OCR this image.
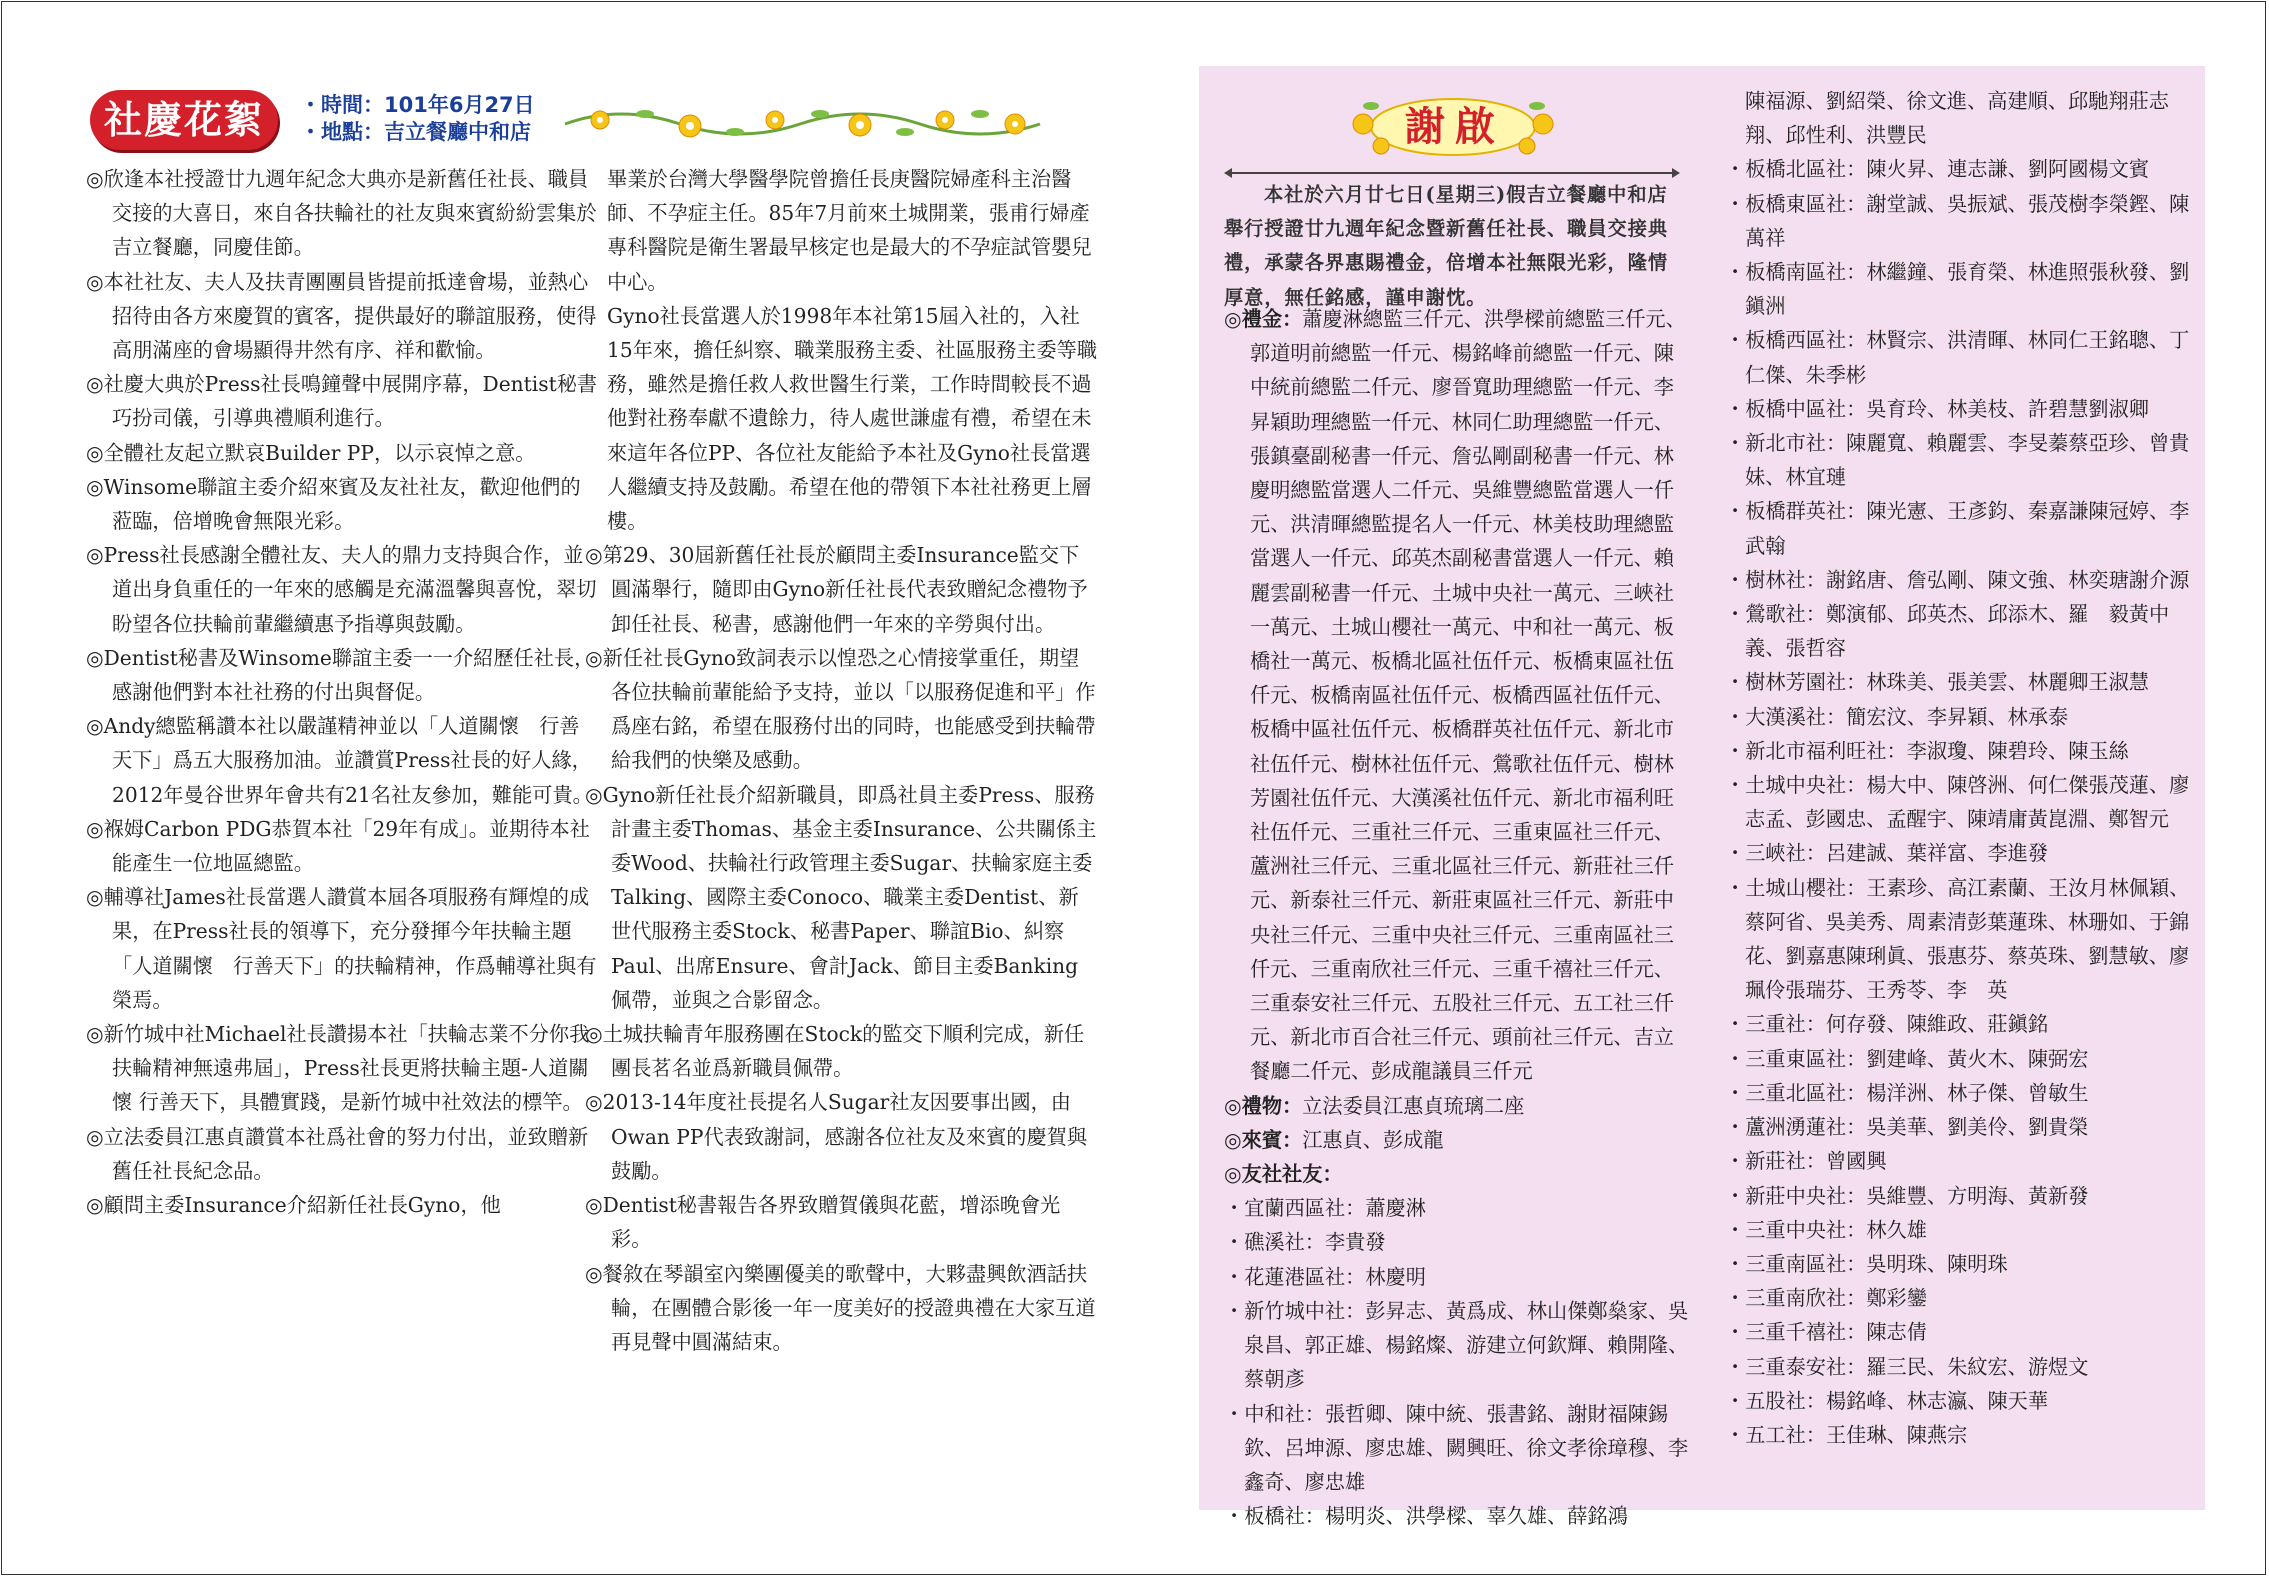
社慶花絮
・	時間：101年6月27日
・ 地點：吉立餐廳中和店
◎ 欣逢本社授證廿九週年紀念大典亦是新舊任社長、職員交接的大喜日，來自各扶輪社的社友與來賓紛紛雲集於吉立餐廳，同慶佳節。
◎ 本社社友、夫人及扶青團團員皆提前抵達會場，並熱心招待由各方來慶賀的賓客，提供最好的聯誼服務，使得高朋滿座的會場顯得井然有序、祥和歡愉。
◎ 社慶大典於Press社長鳴鐘聲中展開序幕，Dentist秘書巧扮司儀，引導典禮順利進行。
◎ 全體社友起立默哀Builder PP，以示哀悼之意。
◎ Winsome聯誼主委介紹來賓及友社社友，歡迎他們的蒞臨，倍增晚會無限光彩。
◎ Press社長感謝全體社友、夫人的鼎力支持與合作，並道出身負重任的一年來的感觸是充滿溫馨與喜悅，翠切盼望各位扶輪前輩繼續惠予指導與鼓勵。
◎ Dentist秘書及Winsome聯誼主委一一介紹歷任社長，感謝他們對本社社務的付出與督促。
◎ Andy總監稱讚本社以嚴謹精神並以「人道關懷　行善天下」爲五大服務加油。並讚賞Press社長的好人緣，2012年曼谷世界年會共有21名社友參加，難能可貴。
◎ 褓姆Carbon PDG恭賀本社「29年有成」。並期待本社能產生一位地區總監。
◎ 輔導社James社長當選人讚賞本屆各項服務有輝煌的成果，在Press社長的領導下，充分發揮今年扶輪主題「人道關懷　行善天下」的扶輪精神，作爲輔導社與有榮焉。
◎ 新竹城中社Michael社長讚揚本社「扶輪志業不分你我 扶輪精神無遠弗屆」，Press社長更將扶輪主題-人道關懷 行善天下，具體實踐，是新竹城中社效法的標竿。
◎ 立法委員江惠貞讚賞本社爲社會的努力付出，並致贈新舊任社長紀念品。
◎ 顧問主委Insurance介紹新任社長Gyno，他
畢業於台灣大學醫學院曾擔任長庚醫院婦產科主治醫師、不孕症主任。85年7月前來土城開業，張甫行婦產專科醫院是衛生署最早核定也是最大的不孕症試管嬰兒中心。
Gyno社長當選人於1998年本社第15屆入社的，入社15年來，擔任糾察、職業服務主委、社區服務主委等職務，雖然是擔任救人救世醫生行業，工作時間較長不過他對社務奉獻不遺餘力，待人處世謙虛有禮，希望在未來這年各位PP、各位社友能給予本社及Gyno社長當選人繼續支持及鼓勵。希望在他的帶領下本社社務更上層樓。
◎ 第29、30屆新舊任社長於顧問主委Insurance監交下圓滿舉行，隨即由Gyno新任社長代表致贈紀念禮物予卸任社長、秘書，感謝他們一年來的辛勞與付出。
◎ 新任社長Gyno致詞表示以惶恐之心情接掌重任，期望各位扶輪前輩能給予支持，並以「以服務促進和平」作爲座右銘，希望在服務付出的同時，也能感受到扶輪帶給我們的快樂及感動。
◎ Gyno新任社長介紹新職員，即爲社員主委Press、服務計畫主委Thomas、基金主委Insurance、公共關係主委Wood、扶輪社行政管理主委Sugar、扶輪家庭主委Talking、國際主委Conoco、職業主委Dentist、新世代服務主委Stock、秘書Paper、聯誼Bio、糾察Paul、出席Ensure、會計Jack、節目主委Banking佩帶，並與之合影留念。
◎ 土城扶輪青年服務團在Stock的監交下順利完成，新任團長茗名並爲新職員佩帶。
◎ 2013-14年度社長提名人Sugar社友因要事出國，由Owan PP代表致謝詞，感謝各位社友及來賓的慶賀與鼓勵。
◎ Dentist秘書報告各界致贈賀儀與花藍，增添晚會光彩。
◎ 餐敘在琴韻室內樂團優美的歌聲中，大夥盡興飲酒話扶輪，在團體合影後一年一度美好的授證典禮在大家互道再見聲中圓滿結束。
謝啟
本社於六月廿七日(星期三)假吉立餐廳中和店舉行授證廿九週年紀念暨新舊任社長、職員交接典禮，承蒙各界惠賜禮金，倍增本社無限光彩，隆情厚意，無任銘感，謹申謝忱。
◎ 禮金：蕭慶淋總監三仟元、洪學樑前總監三仟元、郭道明前總監一仟元、楊銘峰前總監一仟元、陳中統前總監二仟元、廖晉寬助理總監一仟元、李昇穎助理總監一仟元、林同仁助理總監一仟元、張鎮臺副秘書一仟元、詹弘剛副秘書一仟元、林慶明總監當選人二仟元、吳維豐總監當選人一仟元、洪清暉總監提名人一仟元、林美枝助理總監當選人一仟元、邱英杰副秘書當選人一仟元、賴麗雲副秘書一仟元、土城中央社一萬元、三峽社一萬元、土城山櫻社一萬元、中和社一萬元、板橋社一萬元、板橋北區社伍仟元、板橋東區社伍仟元、板橋南區社伍仟元、板橋西區社伍仟元、板橋中區社伍仟元、板橋群英社伍仟元、新北市社伍仟元、樹林社伍仟元、鶯歌社伍仟元、樹林芳園社伍仟元、大漢溪社伍仟元、新北市福利旺社伍仟元、三重社三仟元、三重東區社三仟元、蘆洲社三仟元、三重北區社三仟元、新莊社三仟元、新泰社三仟元、新莊東區社三仟元、新莊中央社三仟元、三重中央社三仟元、三重南區社三仟元、三重南欣社三仟元、三重千禧社三仟元、三重泰安社三仟元、五股社三仟元、五工社三仟元、新北市百合社三仟元、頭前社三仟元、吉立餐廳二仟元、彭成龍議員三仟元
◎ 禮物：立法委員江惠貞琉璃二座
◎ 來賓：江惠貞、彭成龍
◎ 友社社友：
・ 宜蘭西區社：蕭慶淋
・ 礁溪社：李貴發
・ 花蓮港區社：林慶明
・ 新竹城中社：彭昇志、黃爲成、林山傑鄭燊家、吳泉昌、郭正雄、楊銘燦、游建立何欽輝、賴開隆、蔡朝彥
・ 中和社：張哲卿、陳中統、張書銘、謝財福陳錫欽、呂坤源、廖忠雄、闕興旺、徐文孝徐璋穆、李鑫奇、廖忠雄
・ 板橋社：楊明炎、洪學樑、辜久雄、薛銘鴻
陳福源、劉紹榮、徐文進、高建順、邱馳翔莊志翔、邱性利、洪豐民
・ 板橋北區社：陳火昇、連志謙、劉阿國楊文賓
・ 板橋東區社：謝堂誠、吳振斌、張茂樹李榮鏗、陳萬祥
・ 板橋南區社：林繼鐘、張育榮、林進照張秋發、劉鎭洲
・ 板橋西區社：林賢宗、洪清暉、林同仁王銘聰、丁仁傑、朱季彬
・ 板橋中區社：吳育玲、林美枝、許碧慧劉淑卿
・ 新北市社：陳麗寬、賴麗雲、李旻蓁蔡亞珍、曾貴妹、林宜璉
・ 板橋群英社：陳光憲、王彥鈞、秦嘉謙陳冠婷、李武翰
・ 樹林社：謝銘唐、詹弘剛、陳文強、林奕瑭謝介源
・ 鶯歌社：鄭演郁、邱英杰、邱添木、羅　毅黃中義、張哲容
・ 樹林芳園社：林珠美、張美雲、林麗卿王淑慧
・ 大漢溪社：簡宏汶、李昇穎、林承泰
・ 新北市福利旺社：李淑瓊、陳碧玲、陳玉絲
・ 土城中央社：楊大中、陳啓洲、何仁傑張茂蓮、廖志孟、彭國忠、孟醒宇、陳靖庸黃崑淵、鄭智元
・ 三峽社：呂建誠、葉祥富、李進發
・ 土城山櫻社：王素珍、高江素蘭、王汝月林佩穎、蔡阿省、吳美秀、周素清彭葉蓮珠、林珊如、于錦花、劉嘉惠陳琍眞、張惠芬、蔡英珠、劉慧敏、廖珮伶張瑞芬、王秀苓、李　英
・ 三重社：何存發、陳維政、莊鎭銘
・ 三重東區社：劉建峰、黃火木、陳弼宏
・ 三重北區社：楊洋洲、林子傑、曾敏生
・ 蘆洲湧蓮社：吳美華、劉美伶、劉貴榮
・ 新莊社：曾國興
・ 新莊中央社：吳維豐、方明海、黃新發
・ 三重中央社：林久雄
・ 三重南區社：吳明珠、陳明珠
・ 三重南欣社：鄭彩鑾
・ 三重千禧社：陳志倩
・ 三重泰安社：羅三民、朱紋宏、游煜文
・ 五股社：楊銘峰、林志瀛、陳天華
・ 五工社：王佳琳、陳燕宗
